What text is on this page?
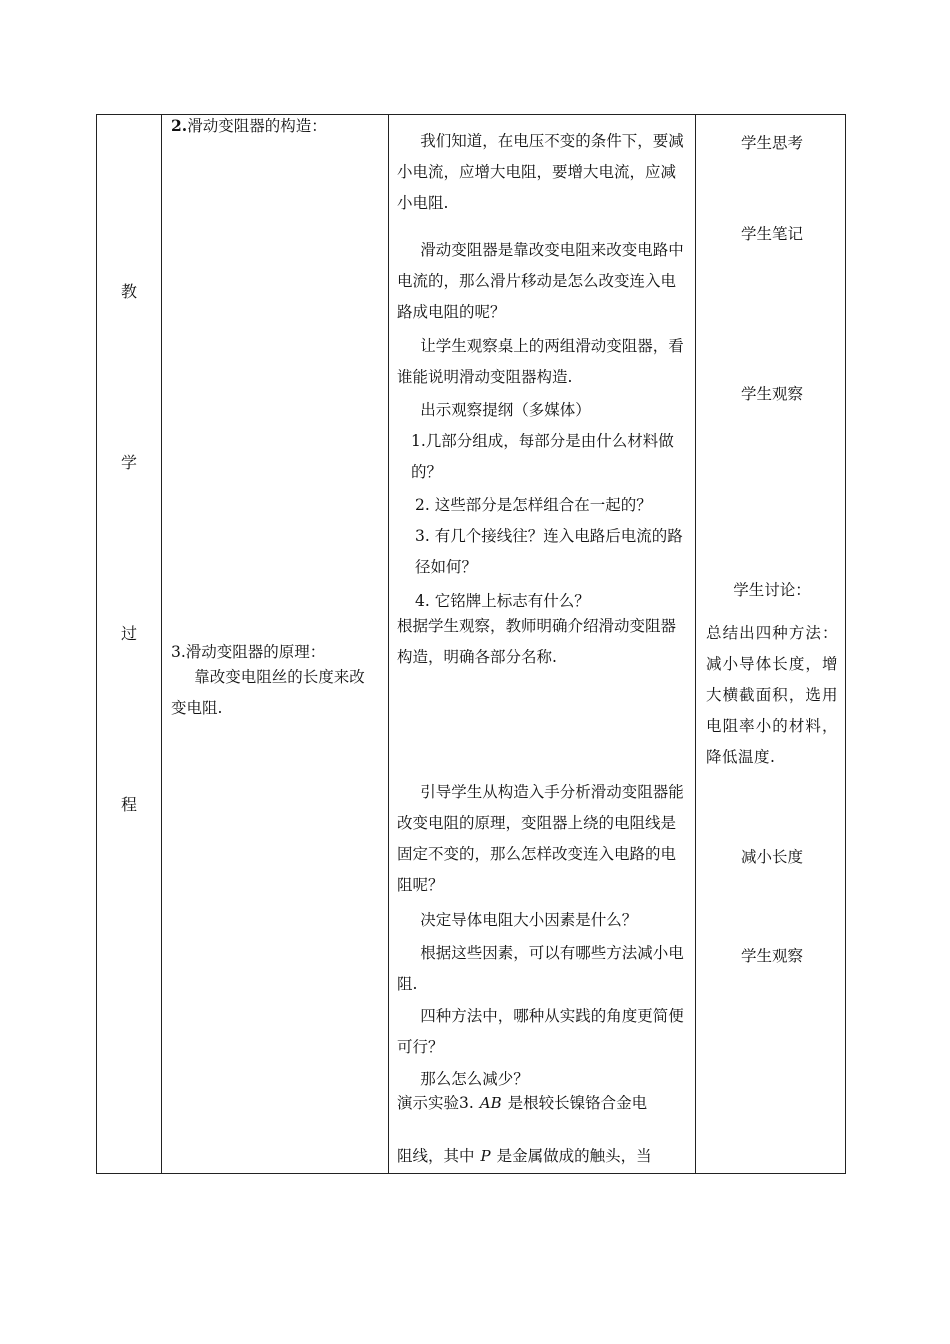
教
学
过
程

2.滑动变阻器的构造：

3.滑动变阻器的原理：

靠改变电阻丝的长度来改变电阻.

我们知道，在电压不变的条件下，要减小电流，应增大电阻，要增大电流，应减小电阻.

滑动变阻器是靠改变电阻来改变电路中电流的，那么滑片移动是怎么改变连入电路成电阻的呢？

让学生观察桌上的两组滑动变阻器，看谁能说明滑动变阻器构造.

出示观察提纲（多媒体）

1.几部分组成，每部分是由什么材料做的？

2. 这些部分是怎样组合在一起的？

3. 有几个接线往？连入电路后电流的路径如何？

4. 它铭牌上标志有什么？

根据学生观察，教师明确介绍滑动变阻器构造，明确各部分名称.

引导学生从构造入手分析滑动变阻器能改变电阻的原理，变阻器上绕的电阻线是固定不变的，那么怎样改变连入电路的电阻呢？

决定导体电阻大小因素是什么？

根据这些因素，可以有哪些方法减小电阻.

四种方法中，哪种从实践的角度更简便可行？

那么怎么减少？

演示实验3. AB 是根较长镍铬合金电

阻线，其中 P 是金属做成的触头，当

学生思考

学生笔记

学生观察

学生讨论：

总结出四种方法：减小导体长度，增大横截面积，选用电阻率小的材料，降低温度.

减小长度

学生观察
